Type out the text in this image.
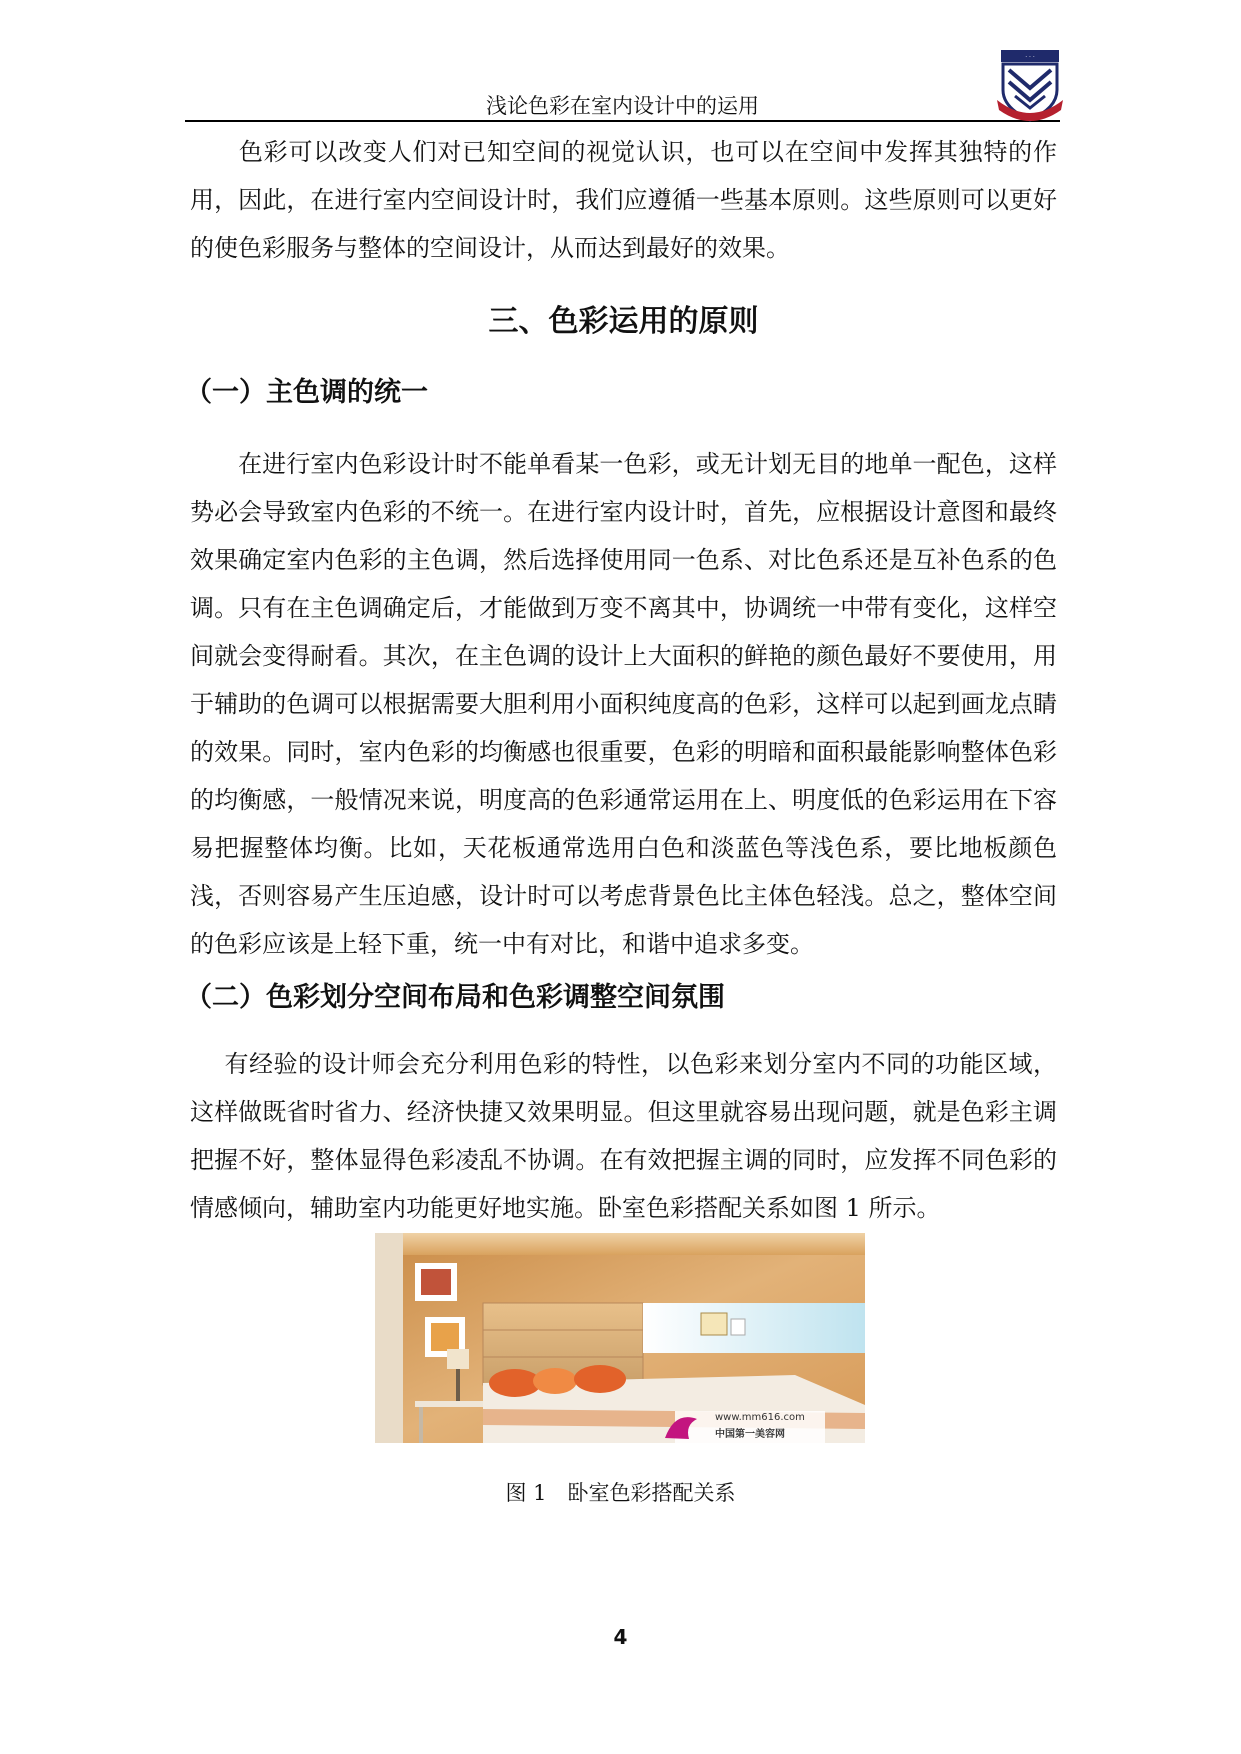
浅论色彩在室内设计中的运用
· · ·
色彩可以改变人们对已知空间的视觉认识，也可以在空间中发挥其独特的作用，因此，在进行室内空间设计时，我们应遵循一些基本原则。这些原则可以更好的使色彩服务与整体的空间设计，从而达到最好的效果。
三、色彩运用的原则
（一）主色调的统一
在进行室内色彩设计时不能单看某一色彩，或无计划无目的地单一配色，这样势必会导致室内色彩的不统一。在进行室内设计时，首先，应根据设计意图和最终效果确定室内色彩的主色调，然后选择使用同一色系、对比色系还是互补色系的色调。只有在主色调确定后，才能做到万变不离其中，协调统一中带有变化，这样空间就会变得耐看。其次，在主色调的设计上大面积的鲜艳的颜色最好不要使用，用于辅助的色调可以根据需要大胆利用小面积纯度高的色彩，这样可以起到画龙点睛的效果。同时，室内色彩的均衡感也很重要，色彩的明暗和面积最能影响整体色彩的均衡感，一般情况来说，明度高的色彩通常运用在上、明度低的色彩运用在下容易把握整体均衡。比如，天花板通常选用白色和淡蓝色等浅色系，要比地板颜色浅，否则容易产生压迫感，设计时可以考虑背景色比主体色轻浅。总之，整体空间的色彩应该是上轻下重，统一中有对比，和谐中追求多变。
（二）色彩划分空间布局和色彩调整空间氛围
有经验的设计师会充分利用色彩的特性，以色彩来划分室内不同的功能区域，这样做既省时省力、经济快捷又效果明显。但这里就容易出现问题，就是色彩主调把握不好，整体显得色彩凌乱不协调。在有效把握主调的同时，应发挥不同色彩的情感倾向，辅助室内功能更好地实施。卧室色彩搭配关系如图 1 所示。
www.mm616.com
中国第一美容网
图 1　卧室色彩搭配关系
4
